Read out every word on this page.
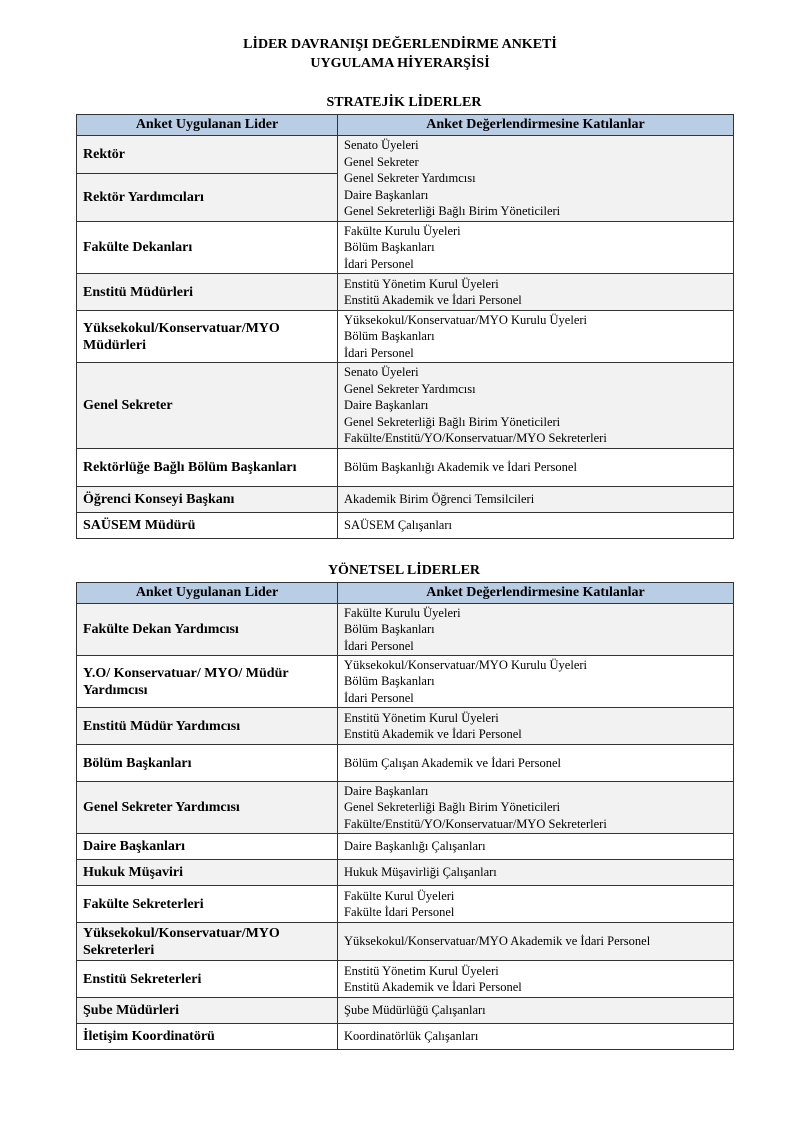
LİDER DAVRANIŞI DEĞERLENDİRME ANKETİ
UYGULAMA HİYERARŞİSİ
STRATEJİK LİDERLER
Anket Uygulanan Lider	Anket Değerlendirmesine Katılanlar
Rektör	Senato Üyeleri
Genel Sekreter
Genel Sekreter Yardımcısı
Daire Başkanları
Genel Sekreterliği Bağlı Birim Yöneticileri

Rektör Yardımcıları	
Fakülte Dekanları	Fakülte Kurulu Üyeleri
Bölüm Başkanları
İdari Personel

Enstitü Müdürleri	Enstitü Yönetim Kurul Üyeleri
Enstitü Akademik ve İdari Personel

Yüksekokul/Konservatuar/MYO Müdürleri	Yüksekokul/Konservatuar/MYO Kurulu Üyeleri
Bölüm Başkanları
İdari Personel

Genel Sekreter	Senato Üyeleri
Genel Sekreter Yardımcısı
Daire Başkanları
Genel Sekreterliği Bağlı Birim Yöneticileri
Fakülte/Enstitü/YO/Konservatuar/MYO Sekreterleri

Rektörlüğe Bağlı Bölüm Başkanları	Bölüm Başkanlığı Akademik ve İdari Personel

Öğrenci Konseyi Başkanı	Akademik Birim Öğrenci Temsilcileri

SAÜSEM Müdürü	SAÜSEM Çalışanları
YÖNETSEL LİDERLER
Anket Uygulanan Lider	Anket Değerlendirmesine Katılanlar
Fakülte Dekan Yardımcısı	Fakülte Kurulu Üyeleri
Bölüm Başkanları
İdari Personel

Y.O/ Konservatuar/ MYO/ Müdür Yardımcısı	Yüksekokul/Konservatuar/MYO Kurulu Üyeleri
Bölüm Başkanları
İdari Personel

Enstitü Müdür Yardımcısı	Enstitü Yönetim Kurul Üyeleri
Enstitü Akademik ve İdari Personel

Bölüm Başkanları	Bölüm Çalışan Akademik ve İdari Personel

Genel Sekreter Yardımcısı	Daire Başkanları
Genel Sekreterliği Bağlı Birim Yöneticileri
Fakülte/Enstitü/YO/Konservatuar/MYO Sekreterleri

Daire Başkanları	Daire Başkanlığı Çalışanları

Hukuk Müşaviri	Hukuk Müşavirliği Çalışanları

Fakülte Sekreterleri	Fakülte Kurul Üyeleri
Fakülte İdari Personel

Yüksekokul/Konservatuar/MYO Sekreterleri	Yüksekokul/Konservatuar/MYO Akademik ve İdari Personel

Enstitü Sekreterleri	Enstitü Yönetim Kurul Üyeleri
Enstitü Akademik ve İdari Personel

Şube Müdürleri	Şube Müdürlüğü Çalışanları

İletişim Koordinatörü	Koordinatörlük Çalışanları
